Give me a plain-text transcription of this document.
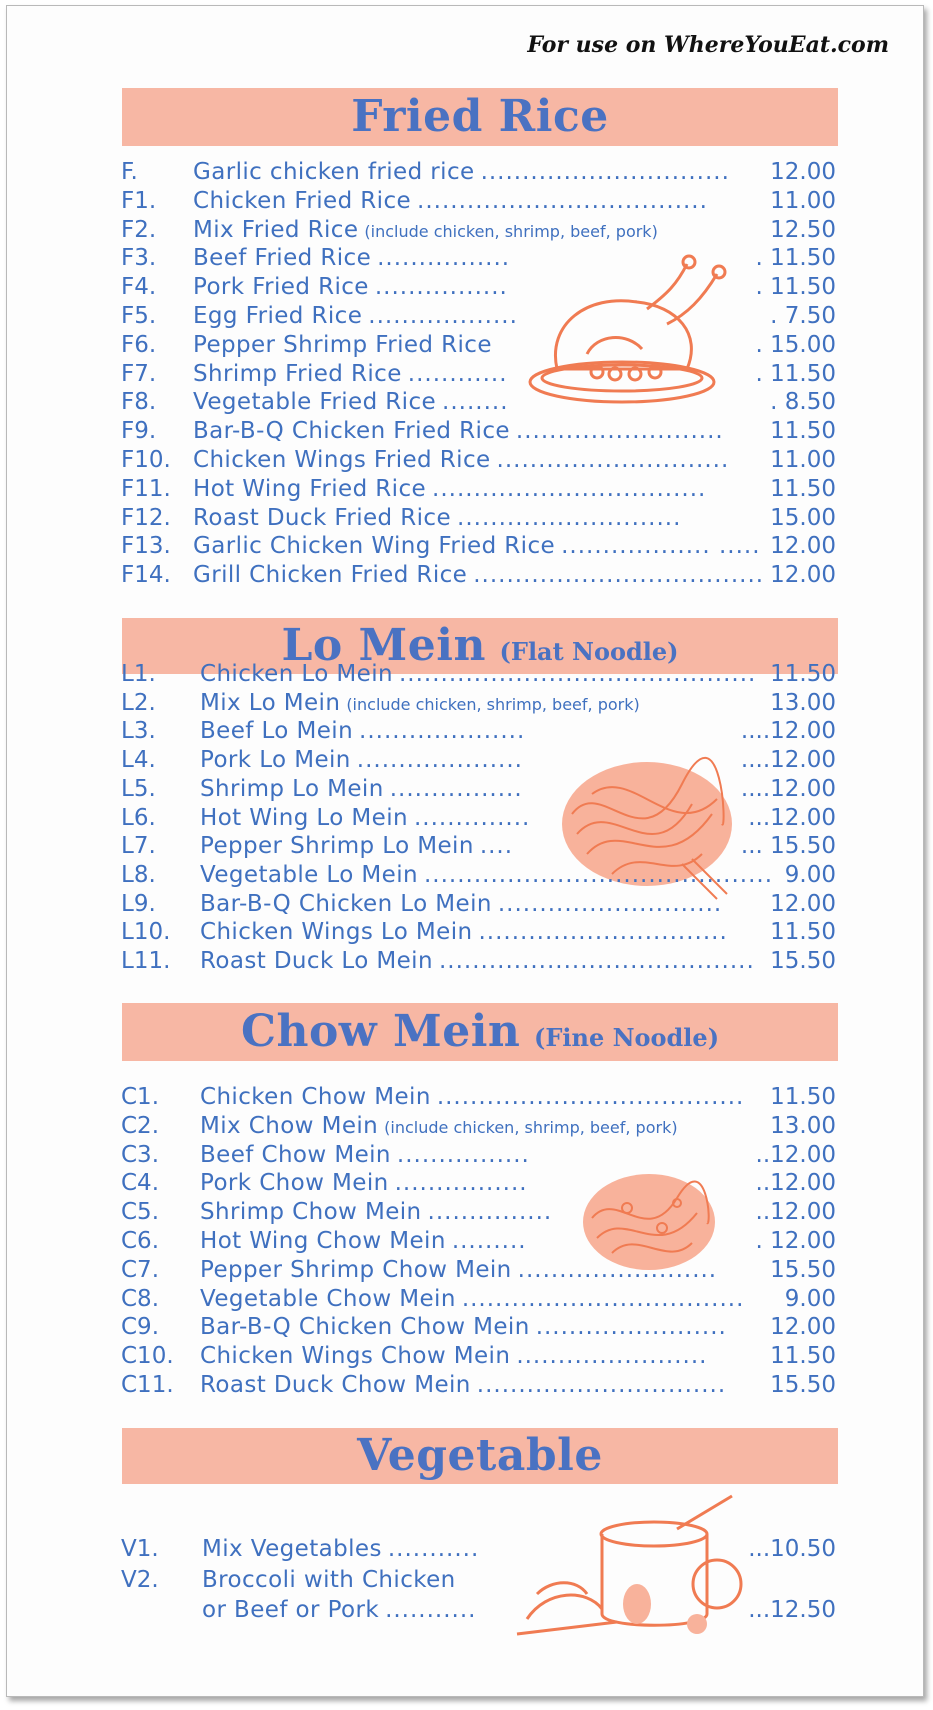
For use on WhereYouEat.com
Fried Rice
Lo Mein (Flat Noodle)
Chow Mein (Fine Noodle)
Vegetable
F. Garlic chicken fried rice .............................. 12.00
F1. Chicken Fried Rice ...................................	11.00
F2. Mix Fried Rice (include chicken, shrimp, beef, pork)	12.50
F3. Beef Fried Rice ................	. 11.50
F4. Pork Fried Rice ................	. 11.50
F5. Egg Fried Rice ..................	. 7.50
F6. Pepper Shrimp Fried Rice	. 15.00
F7. Shrimp Fried Rice ............	. 11.50
F8. Vegetable Fried Rice ........	. 8.50
F9. Bar-B-Q Chicken Fried Rice ......................... 11.50
F10. Chicken Wings Fried Rice ............................ 11.00
F11. Hot Wing Fried Rice .................................	11.50
F12. Roast Duck Fried Rice ...........................	15.00
F13. Garlic Chicken Wing Fried Rice .................. ..... 12.00
F14. Grill Chicken Fried Rice ................................... 12.00
L1. Chicken Lo Mein ........................................... 11.50
L2. Mix Lo Mein (include chicken, shrimp, beef, pork)	13.00
L3. Beef Lo Mein ....................	....12.00
L4. Pork Lo Mein ....................	....12.00
L5. Shrimp Lo Mein ................	....12.00
L6. Hot Wing Lo Mein ..............	...12.00
L7. Pepper Shrimp Lo Mein ....	... 15.50
L8. Vegetable Lo Mein .......................................... 9.00
L9. Bar-B-Q Chicken Lo Mein ........................... 12.00
L10. Chicken Wings Lo Mein .............................. 11.50
L11. Roast Duck Lo Mein ...................................... 15.50
C1. Chicken Chow Mein ..................................... 11.50
C2. Mix Chow Mein (include chicken, shrimp, beef, pork)	13.00
C3. Beef Chow Mein ................	..12.00
C4. Pork Chow Mein ................	..12.00
C5. Shrimp Chow Mein ...............	..12.00
C6. Hot Wing Chow Mein .........	. 12.00
C7. Pepper Shrimp Chow Mein ........................ 15.50
C8. Vegetable Chow Mein .................................. 9.00
C9. Bar-B-Q Chicken Chow Mein ....................... 12.00
C10. Chicken Wings Chow Mein .......................	11.50
C11. Roast Duck Chow Mein .............................. 15.50
V1. Mix Vegetables ...........	...10.50
V2. Broccoli with Chicken
or Beef or Pork ...........	...12.50
